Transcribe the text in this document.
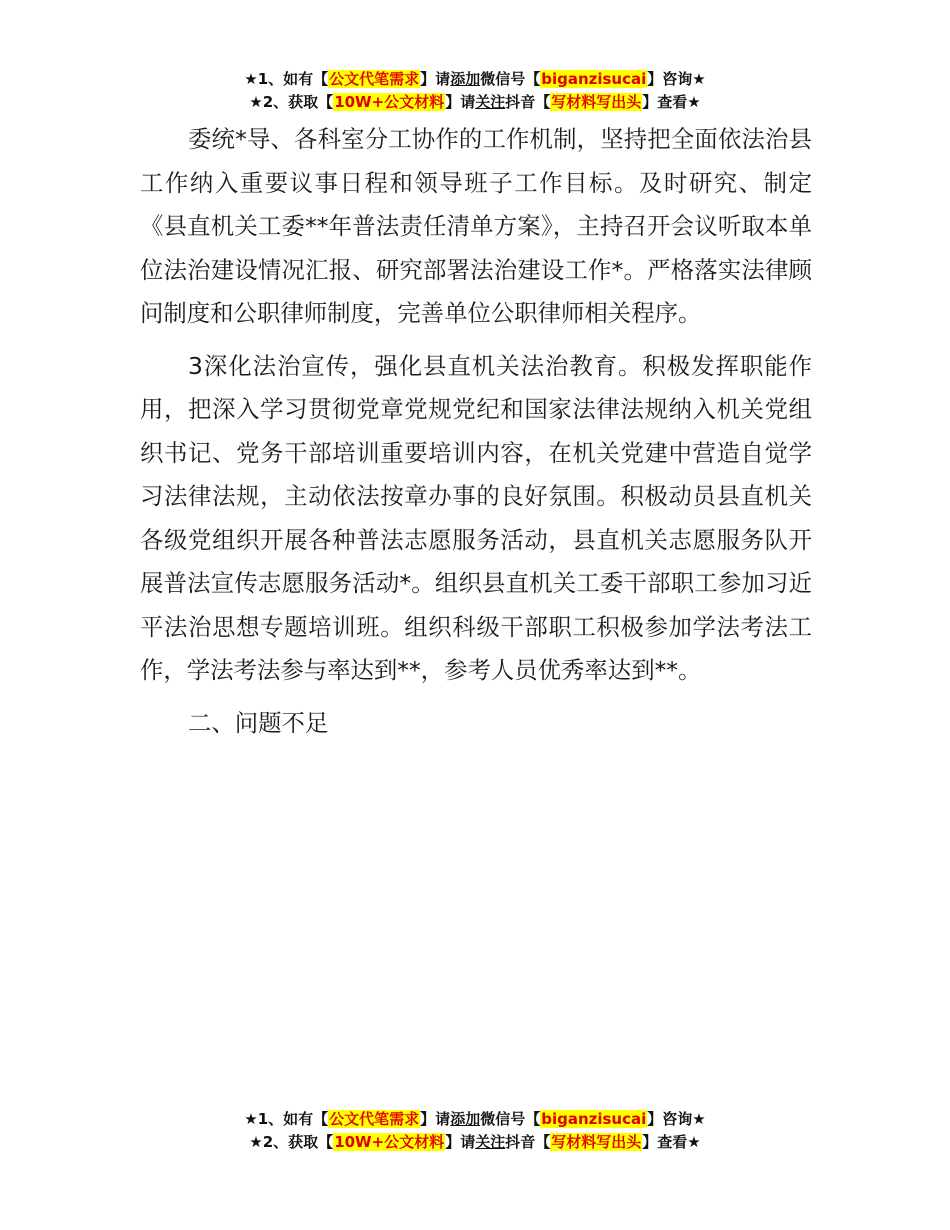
★1、如有【公文代笔需求】请添加微信号【biganzisucai】咨询★
★2、获取【10W+公文材料】请关注抖音【写材料写出头】查看★

委统*导、各科室分工协作的工作机制，坚持把全面依法治县工作纳入重要议事日程和领导班子工作目标。及时研究、制定《县直机关工委**年普法责任清单方案》，主持召开会议听取本单位法治建设情况汇报、研究部署法治建设工作*。严格落实法律顾问制度和公职律师制度，完善单位公职律师相关程序。

3深化法治宣传，强化县直机关法治教育。积极发挥职能作用，把深入学习贯彻党章党规党纪和国家法律法规纳入机关党组织书记、党务干部培训重要培训内容，在机关党建中营造自觉学习法律法规，主动依法按章办事的良好氛围。积极动员县直机关各级党组织开展各种普法志愿服务活动，县直机关志愿服务队开展普法宣传志愿服务活动*。组织县直机关工委干部职工参加习近平法治思想专题培训班。组织科级干部职工积极参加学法考法工作，学法考法参与率达到**，参考人员优秀率达到**。

二、问题不足

★1、如有【公文代笔需求】请添加微信号【biganzisucai】咨询★
★2、获取【10W+公文材料】请关注抖音【写材料写出头】查看★
